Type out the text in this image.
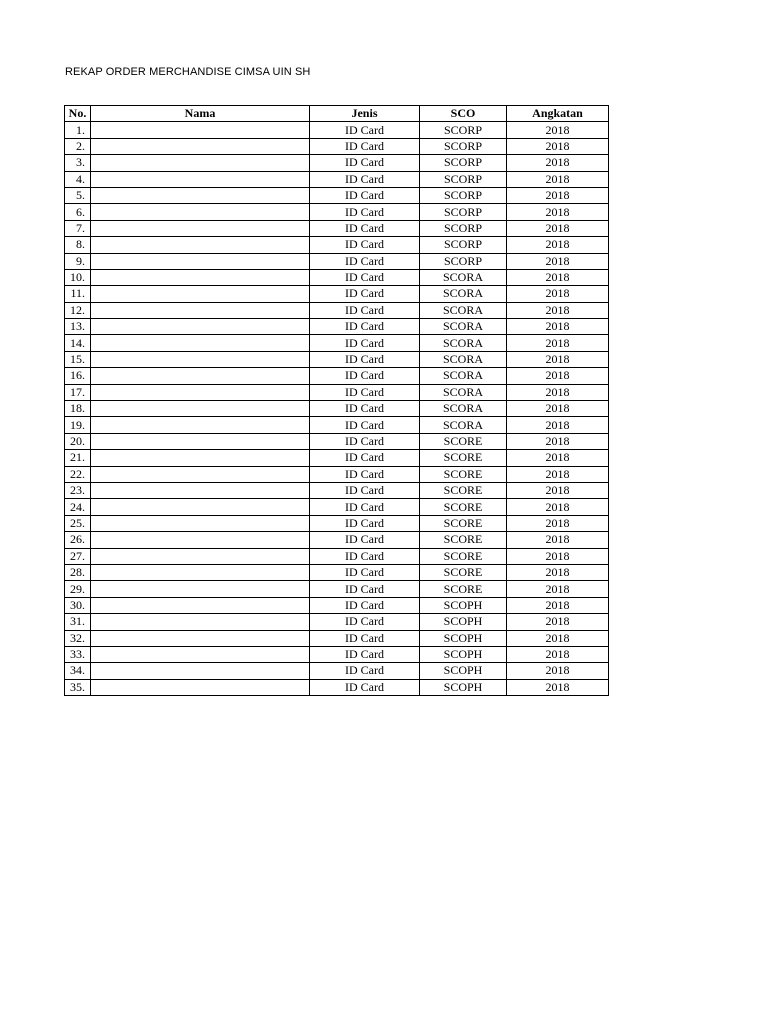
REKAP ORDER MERCHANDISE CIMSA UIN SH
No.	Nama	Jenis	SCO	Angkatan
1.		ID Card	SCORP	2018
2.		ID Card	SCORP	2018
3.		ID Card	SCORP	2018
4.		ID Card	SCORP	2018
5.		ID Card	SCORP	2018
6.		ID Card	SCORP	2018
7.		ID Card	SCORP	2018
8.		ID Card	SCORP	2018
9.		ID Card	SCORP	2018
10.		ID Card	SCORA	2018
11.		ID Card	SCORA	2018
12.		ID Card	SCORA	2018
13.		ID Card	SCORA	2018
14.		ID Card	SCORA	2018
15.		ID Card	SCORA	2018
16.		ID Card	SCORA	2018
17.		ID Card	SCORA	2018
18.		ID Card	SCORA	2018
19.		ID Card	SCORA	2018
20.		ID Card	SCORE	2018
21.		ID Card	SCORE	2018
22.		ID Card	SCORE	2018
23.		ID Card	SCORE	2018
24.		ID Card	SCORE	2018
25.		ID Card	SCORE	2018
26.		ID Card	SCORE	2018
27.		ID Card	SCORE	2018
28.		ID Card	SCORE	2018
29.		ID Card	SCORE	2018
30.		ID Card	SCOPH	2018
31.		ID Card	SCOPH	2018
32.		ID Card	SCOPH	2018
33.		ID Card	SCOPH	2018
34.		ID Card	SCOPH	2018
35.		ID Card	SCOPH	2018
